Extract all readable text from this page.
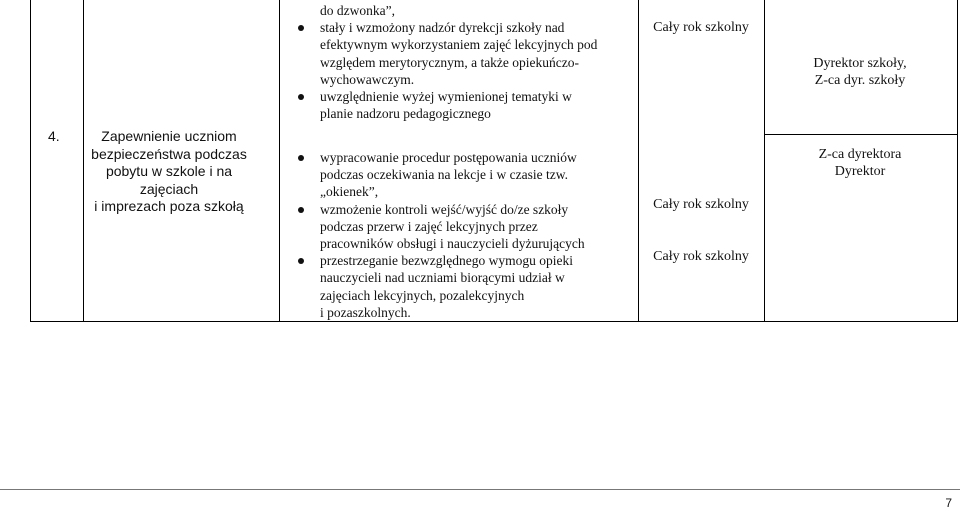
4.	Zapewnienie uczniom
bezpieczeństwa podczas
pobytu w szkole i na
zajęciach
i imprezach poza szkołą
do dzwonka”,
stały i wzmożony nadzór dyrekcji szkoły nad
efektywnym wykorzystaniem zajęć lekcyjnych pod
względem merytorycznym, a także opiekuńczo-
wychowawczym.
uwzględnienie wyżej wymienionej tematyki w
planie nadzoru pedagogicznego
wypracowanie procedur postępowania uczniów
podczas oczekiwania na lekcje i w czasie tzw.
„okienek”,
wzmożenie kontroli wejść/wyjść do/ze szkoły
podczas przerw i zajęć lekcyjnych przez
pracowników obsługi i nauczycieli dyżurujących
przestrzeganie bezwzględnego wymogu opieki
nauczycieli nad uczniami biorącymi udział w
zajęciach lekcyjnych, pozalekcyjnych
i pozaszkolnych.
Cały rok szkolny
Cały rok szkolny
Cały rok szkolny
Dyrektor szkoły,
Z-ca dyr. szkoły
Z-ca dyrektora
Dyrektor
7
